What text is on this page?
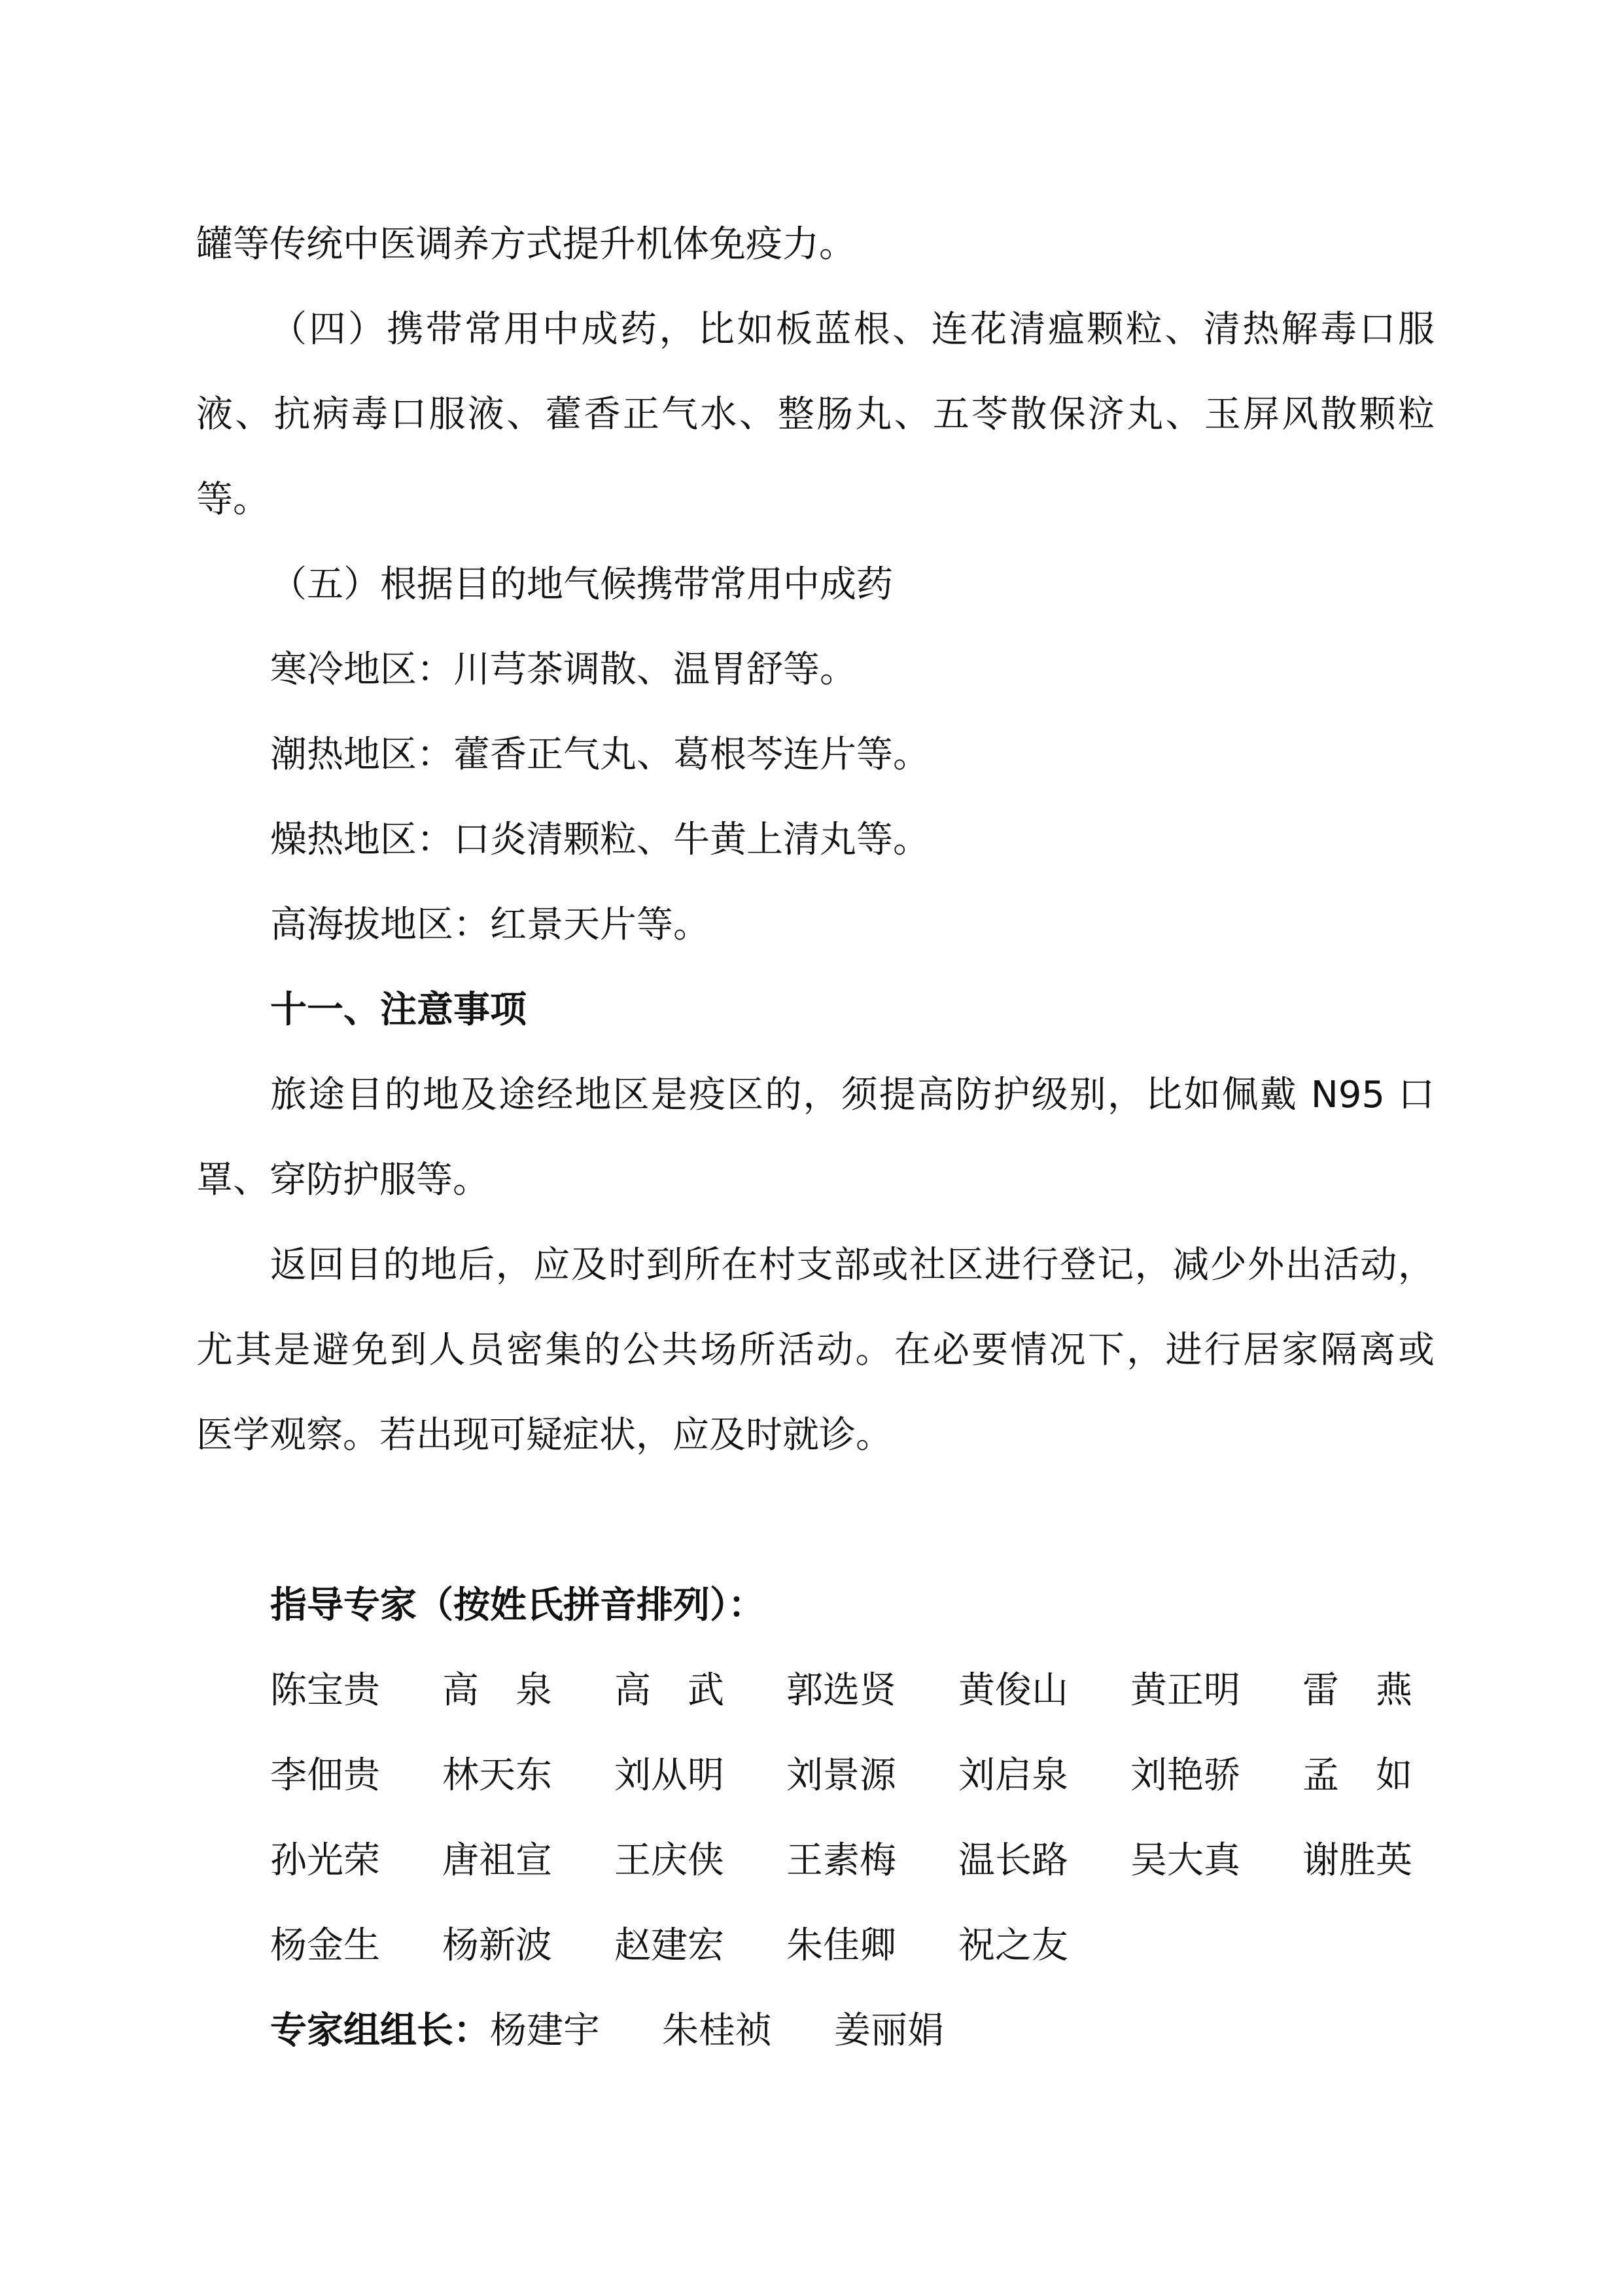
罐等传统中医调养方式提升机体免疫力。
（四）携带常用中成药，比如板蓝根、连花清瘟颗粒、清热解毒口服
液、抗病毒口服液、藿香正气水、整肠丸、五苓散保济丸、玉屏风散颗粒
等。
（五）根据目的地气候携带常用中成药
寒冷地区：川芎茶调散、温胃舒等。
潮热地区：藿香正气丸、葛根芩连片等。
燥热地区：口炎清颗粒、牛黄上清丸等。
高海拔地区：红景天片等。
十一、注意事项
旅途目的地及途经地区是疫区的，须提高防护级别，比如佩戴 N95 口
罩、穿防护服等。
返回目的地后，应及时到所在村支部或社区进行登记，减少外出活动，
尤其是避免到人员密集的公共场所活动。在必要情况下，进行居家隔离或
医学观察。若出现可疑症状，应及时就诊。
指导专家（按姓氏拼音排列）：
陈宝贵 高　泉 高　武 郭选贤 黄俊山 黄正明 雷　燕
李佃贵 林天东 刘从明 刘景源 刘启泉 刘艳骄 孟　如
孙光荣 唐祖宣 王庆侠 王素梅 温长路 吴大真 谢胜英
杨金生 杨新波 赵建宏 朱佳卿 祝之友
专家组组长：杨建宇 朱桂祯 姜丽娟
